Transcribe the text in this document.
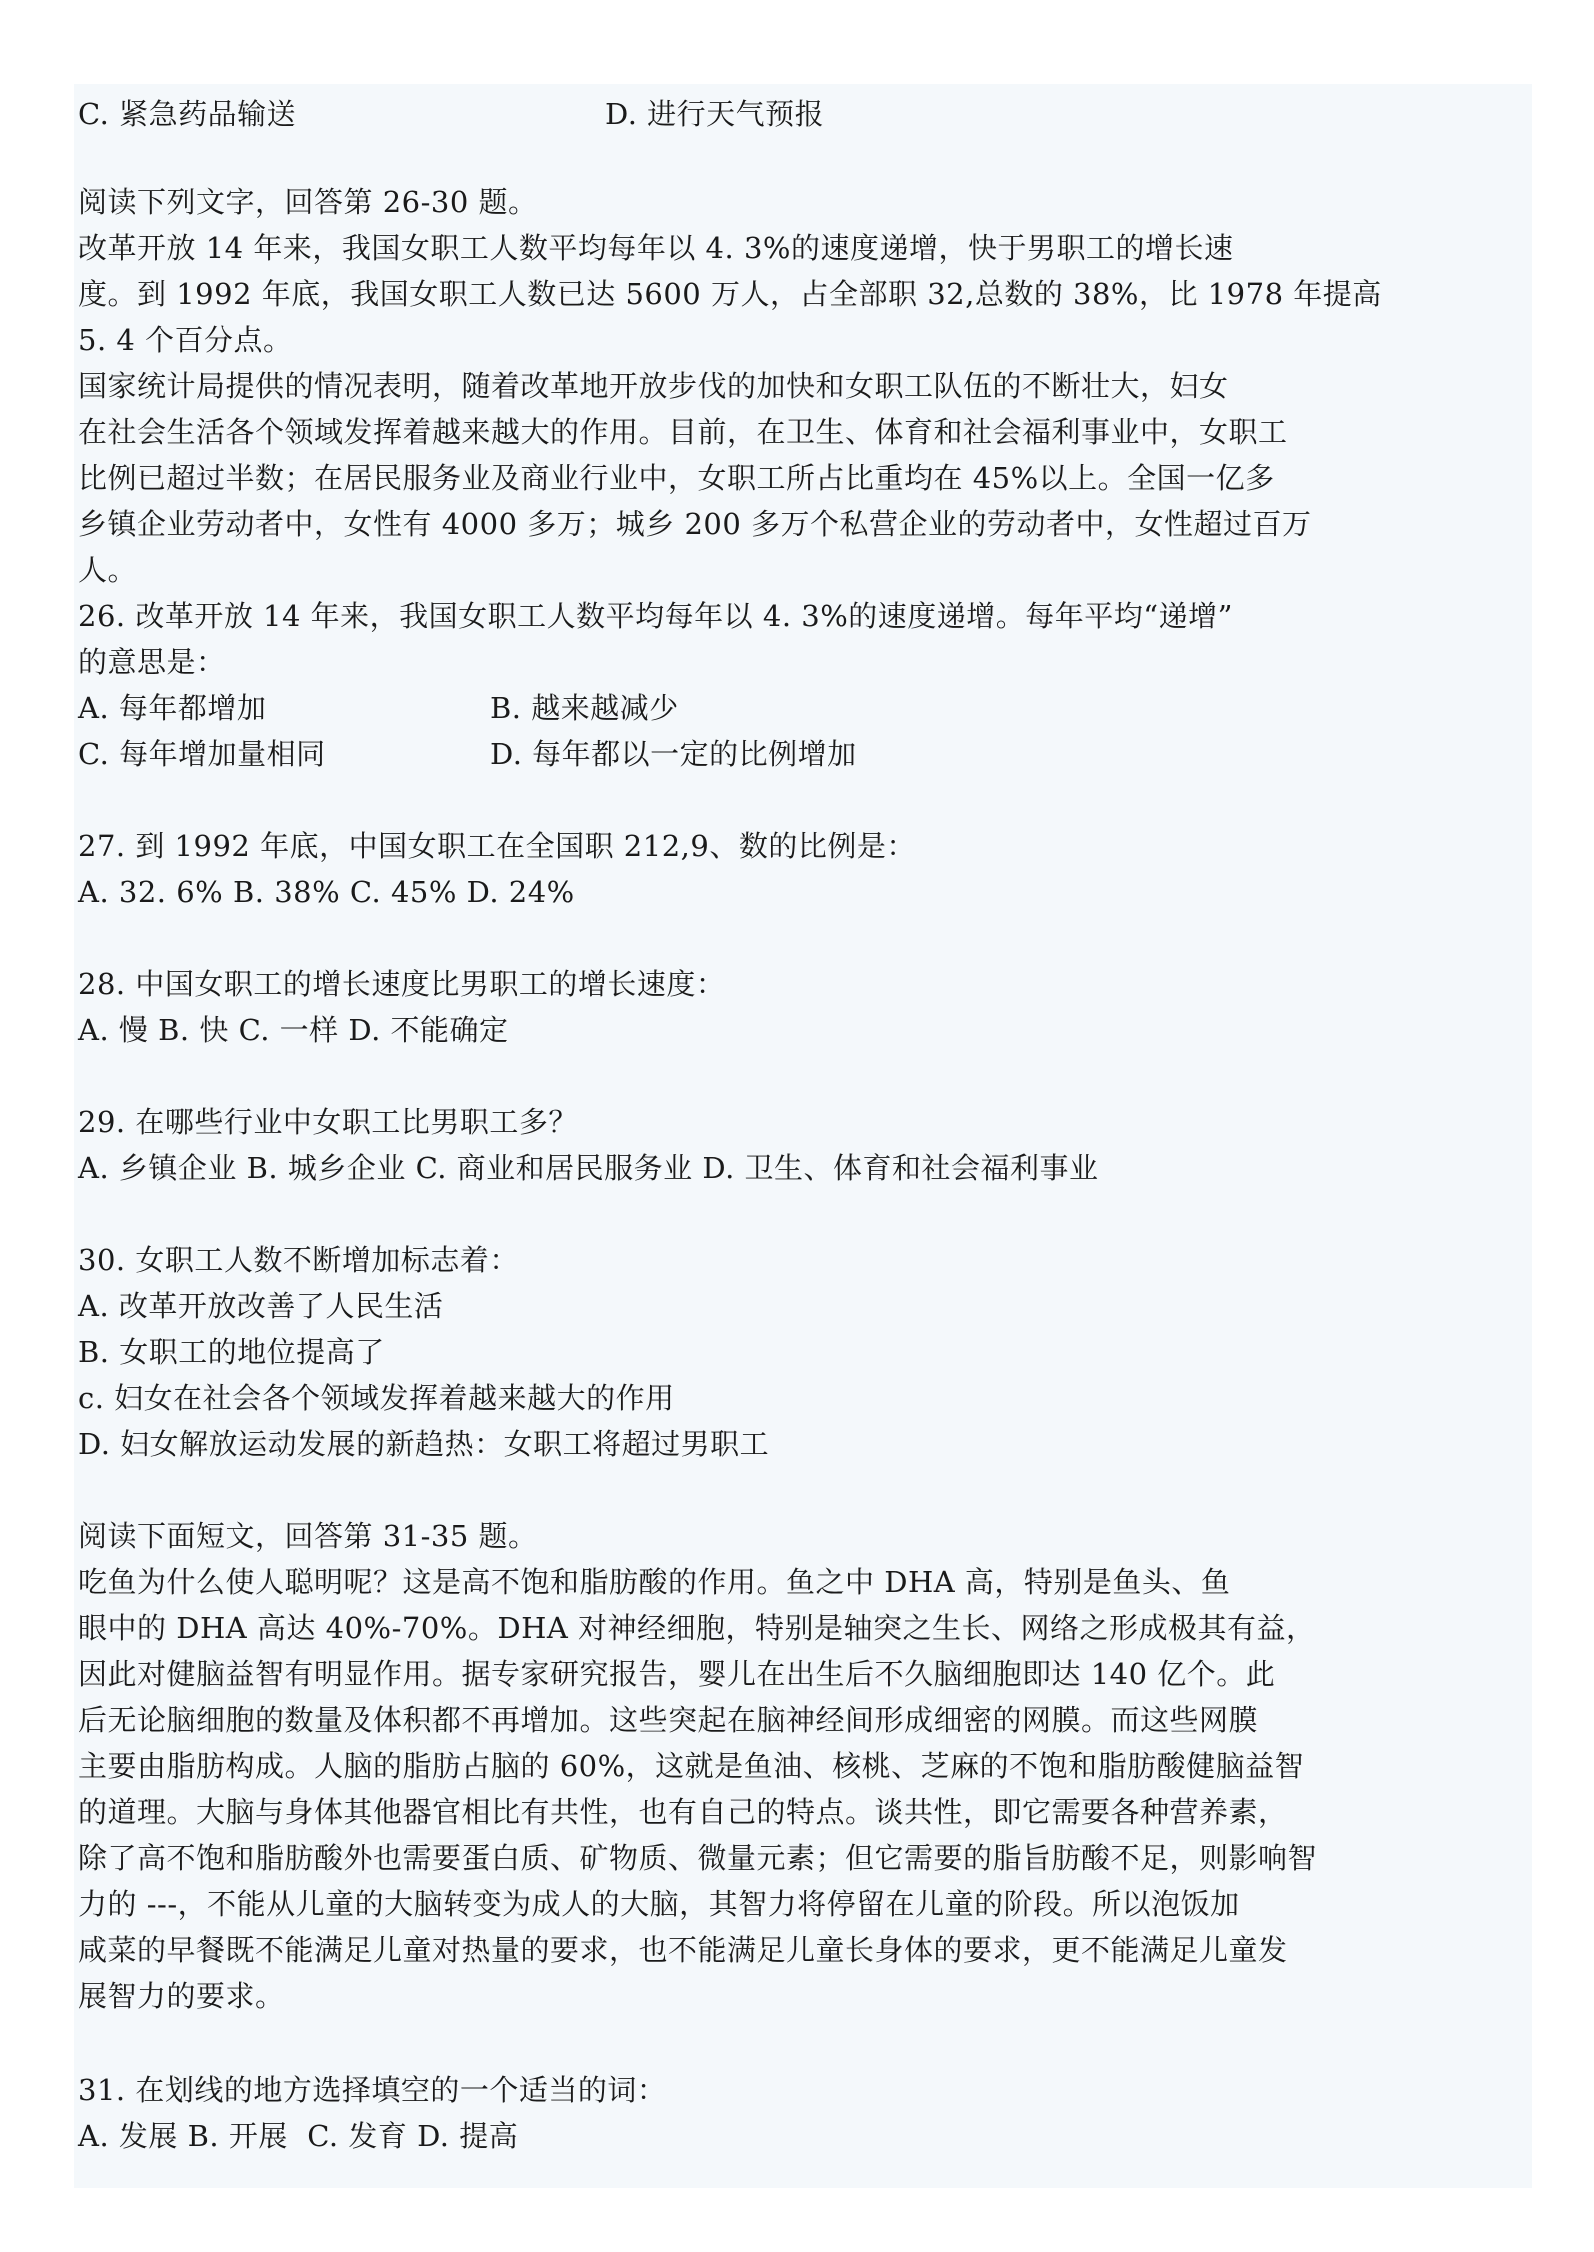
C. 紧急药品输送	D. 进行天气预报
阅读下列文字，回答第 26-30 题。
改革开放 14 年来，我国女职工人数平均每年以 4. 3%的速度递增，快于男职工的增长速
度。到 1992 年底，我国女职工人数已达 5600 万人，占全部职 32,总数的 38%，比 1978 年提高
5. 4 个百分点。
国家统计局提供的情况表明，随着改革地开放步伐的加快和女职工队伍的不断壮大，妇女
在社会生活各个领域发挥着越来越大的作用。目前，在卫生、体育和社会福利事业中，女职工
比例已超过半数；在居民服务业及商业行业中，女职工所占比重均在 45%以上。全国一亿多
乡镇企业劳动者中，女性有 4000 多万；城乡 200 多万个私营企业的劳动者中，女性超过百万
人。
26. 改革开放 14 年来，我国女职工人数平均每年以 4. 3%的速度递增。每年平均“递增”
的意思是：
A. 每年都增加	B. 越来越减少
C. 每年增加量相同	D. 每年都以一定的比例增加
27. 到 1992 年底，中国女职工在全国职 212,9、数的比例是：
A. 32. 6% B. 38% C. 45% D. 24%
28. 中国女职工的增长速度比男职工的增长速度：
A. 慢 B. 快 C. 一样 D. 不能确定
29. 在哪些行业中女职工比男职工多？
A. 乡镇企业 B. 城乡企业 C. 商业和居民服务业 D. 卫生、体育和社会福利事业
30. 女职工人数不断增加标志着：
A. 改革开放改善了人民生活
B. 女职工的地位提高了
c. 妇女在社会各个领域发挥着越来越大的作用
D. 妇女解放运动发展的新趋热：女职工将超过男职工
阅读下面短文，回答第 31-35 题。
吃鱼为什么使人聪明呢？这是高不饱和脂肪酸的作用。鱼之中 DHA 高，特别是鱼头、鱼
眼中的 DHA 高达 40%-70%。DHA 对神经细胞，特别是轴突之生长、网络之形成极其有益，
因此对健脑益智有明显作用。据专家研究报告，婴儿在出生后不久脑细胞即达 140 亿个。此
后无论脑细胞的数量及体积都不再增加。这些突起在脑神经间形成细密的网膜。而这些网膜
主要由脂肪构成。人脑的脂肪占脑的 60%，这就是鱼油、核桃、芝麻的不饱和脂肪酸健脑益智
的道理。大脑与身体其他器官相比有共性，也有自己的特点。谈共性，即它需要各种营养素，
除了高不饱和脂肪酸外也需要蛋白质、矿物质、微量元素；但它需要的脂旨肪酸不足，则影响智
力的 ---，不能从儿童的大脑转变为成人的大脑，其智力将停留在儿童的阶段。所以泡饭加
咸菜的早餐既不能满足儿童对热量的要求，也不能满足儿童长身体的要求，更不能满足儿童发
展智力的要求。
31. 在划线的地方选择填空的一个适当的词：
A. 发展 B. 开展  C. 发育 D. 提高
